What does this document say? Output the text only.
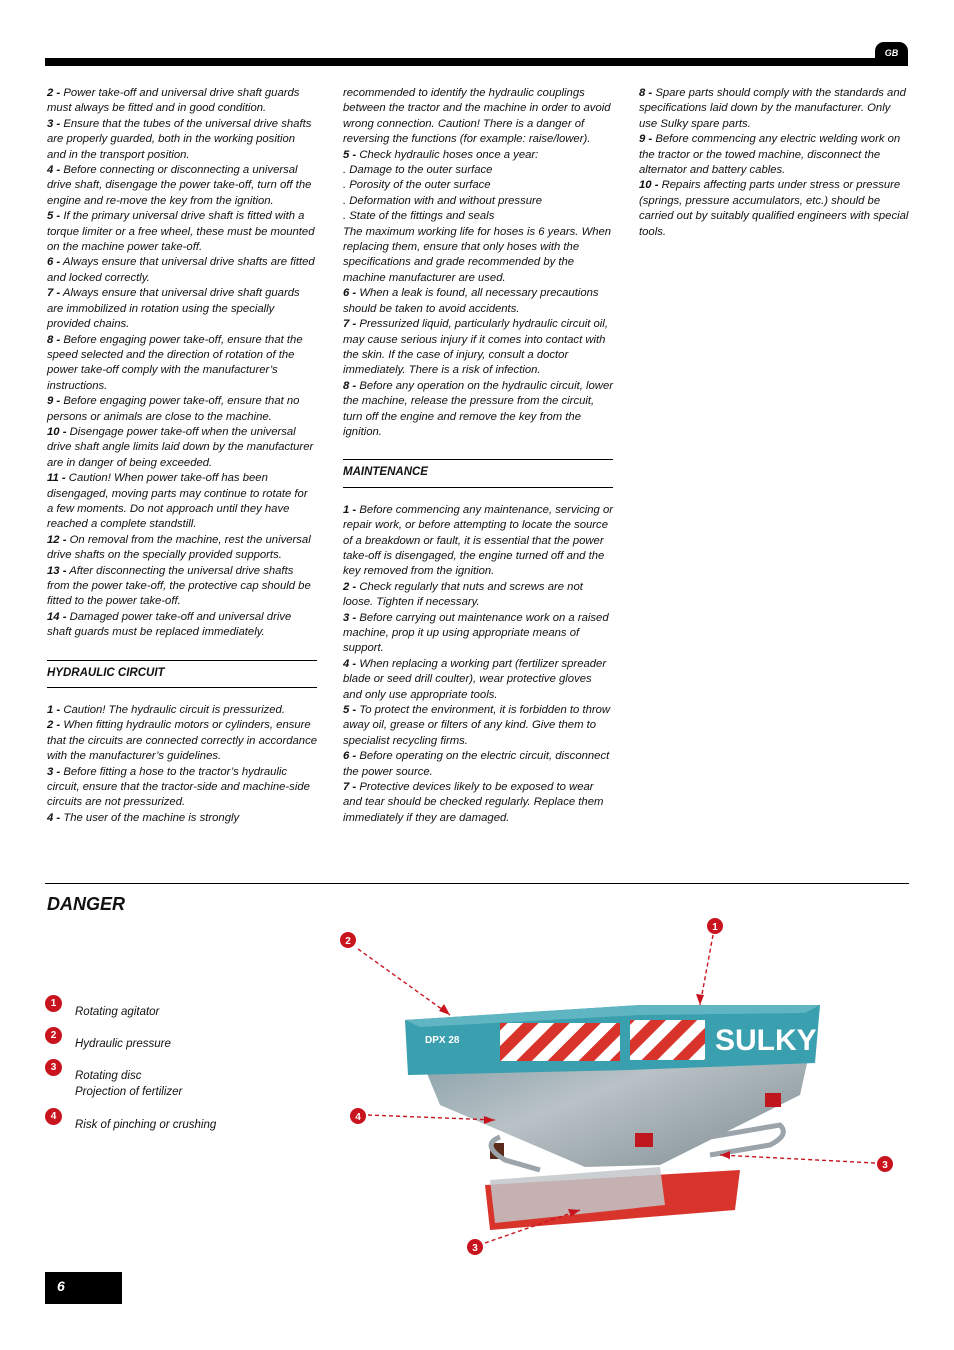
GB

2 - Power take-off and universal drive shaft guards must always be fitted and in good condition.

3 - Ensure that the tubes of the universal drive shafts are properly guarded, both in the working position and in the transport position.

4 - Before connecting or disconnecting a universal drive shaft, disengage the power take-off, turn off the engine and re-move the key from the ignition.

5 - If the primary universal drive shaft is fitted with a torque limiter or a free wheel, these must be mounted on the machine power take-off.

6 - Always ensure that universal drive shafts are fitted and locked correctly.

7 - Always ensure that universal drive shaft guards are immobilized in rotation using the specially provided chains.

8 - Before engaging power take-off, ensure that the speed selected and the direction of rotation of the power take-off comply with the manufacturer’s instructions.

9 - Before engaging power take-off, ensure that no persons or animals are close to the machine.

10 - Disengage power take-off when the universal drive shaft angle limits laid down by the manufacturer are in danger of being exceeded.

11 - Caution! When power take-off has been disengaged, moving parts may continue to rotate for a few moments. Do not approach until they have reached a complete standstill.

12 - On removal from the machine, rest the universal drive shafts on the specially provided supports.

13 - After disconnecting the universal drive shafts from the power take-off, the protective cap should be fitted to the power take-off.

14 - Damaged power take-off and universal drive shaft guards must be replaced immediately.

HYDRAULIC CIRCUIT

1 - Caution! The hydraulic circuit is pressurized.

2 - When fitting hydraulic motors or cylinders, ensure that the circuits are connected correctly in accordance with the manufacturer’s guidelines.

3 - Before fitting a hose to the tractor’s hydraulic circuit, ensure that the tractor-side and machine-side circuits are not pressurized.

4 - The user of the machine is strongly

recommended to identify the hydraulic couplings between the tractor and the machine in order to avoid wrong connection. Caution! There is a danger of reversing the functions (for example: raise/lower).

5 - Check hydraulic hoses once a year:

. Damage to the outer surface

. Porosity of the outer surface

. Deformation with and without pressure

. State of the fittings and seals

The maximum working life for hoses is 6 years. When replacing them, ensure that only hoses with the specifications and grade recommended by the machine manufacturer are used.

6 - When a leak is found, all necessary precautions should be taken to avoid accidents.

7 - Pressurized liquid, particularly hydraulic circuit oil, may cause serious injury if it comes into contact with the skin. If the case of injury, consult a doctor immediately. There is a risk of infection.

8 - Before any operation on the hydraulic circuit, lower the machine, release the pressure from the circuit, turn off the engine and remove the key from the ignition.

MAINTENANCE

1 - Before commencing any maintenance, servicing or repair work, or before attempting to locate the source of a breakdown or fault, it is essential that the power take-off is disengaged, the engine turned off and the key removed from the ignition.

2 - Check regularly that nuts and screws are not loose. Tighten if necessary.

3 - Before carrying out maintenance work on a raised machine, prop it up using appropriate means of support.

4 - When replacing a working part (fertilizer spreader blade or seed drill coulter), wear protective gloves and only use appropriate tools.

5 - To protect the environment, it is forbidden to throw away oil, grease or filters of any kind. Give them to specialist recycling firms.

6 - Before operating on the electric circuit, disconnect the power source.

7 - Protective devices likely to be exposed to wear and tear should be checked regularly. Replace them immediately if they are damaged.

8 - Spare parts should comply with the standards and specifications laid down by the manufacturer. Only use Sulky spare parts.

9 - Before commencing any electric welding work on the tractor or the towed machine, disconnect the alternator and battery cables.

10 - Repairs affecting parts under stress or pressure (springs, pressure accumulators, etc.) should be carried out by suitably qualified engineers with special tools.

DANGER
1
Rotating agitator
2
Hydraulic pressure
3
Rotating disc
Projection of fertilizer
4
Risk of pinching or crushing
SULKY
DPX 28
2
1
4
3
3
6
